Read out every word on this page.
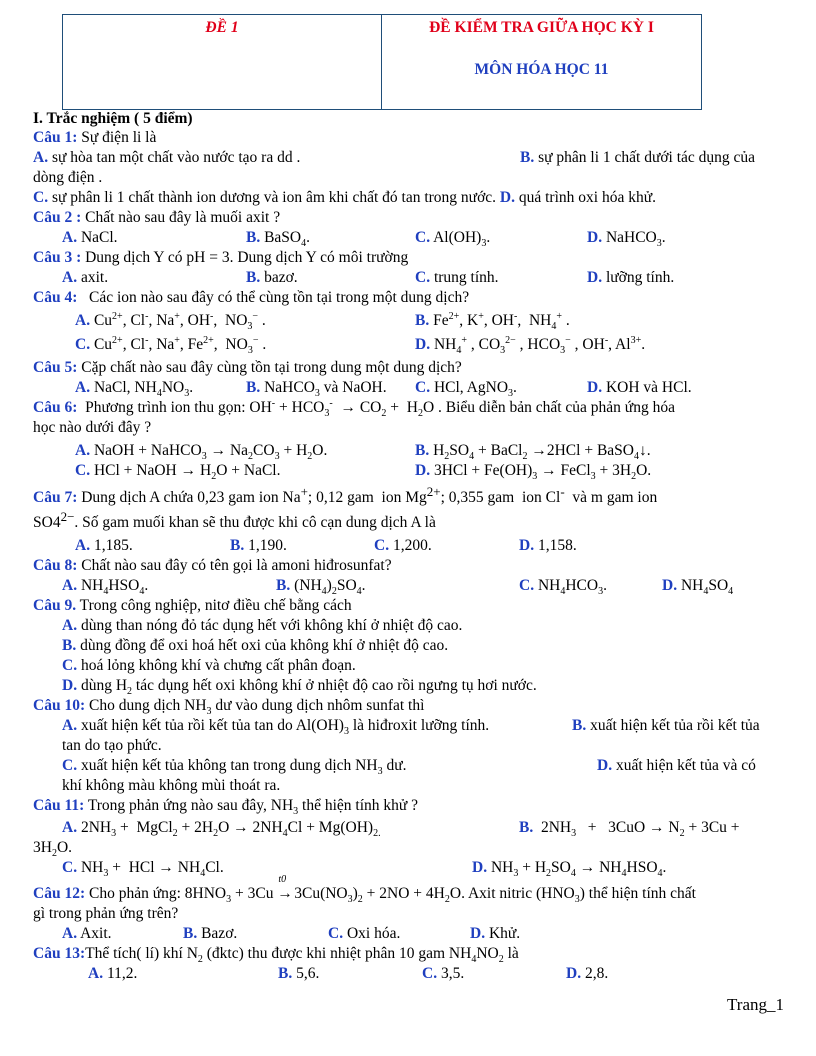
ĐỀ 1	ĐỀ KIỂM TRA GIỮA HỌC KỲ I
MÔN HÓA HỌC 11
I. Trắc nghiệm ( 5 điểm)
Câu 1: Sự điện li là
A. sự hòa tan một chất vào nước tạo ra dd .	B. sự phân li 1 chất dưới tác dụng của
dòng điện .
C. sự phân li 1 chất thành ion dương và ion âm khi chất đó tan trong nước. D. quá trình oxi hóa khử.
Câu 2 : Chất nào sau đây là muối axit ?
A. NaCl.	B. BaSO$_4$.	C. $Al(OH)_3$.	D. NaHCO$_3$.
Câu 3 : Dung dịch Y có pH = 3. Dung dịch Y có môi trường
A. axit.	B. bazơ.	C. trung tính.	D. lưỡng tính.
Câu 4: Các ion nào sau đây có thể cùng tồn tại trong một dung dịch?
A. $Cu^{2+}$, Cl-, Na+, OH-,  $NO_3^-$ .	B. $Fe^{2+}$, K+, OH-,  $NH_4^+$ .
C. $Cu^{2+}$, Cl-, Na+, $Fe^{2+}$,  $NO_3^-$ .	D. $NH_4^+$ , $CO_3^{2-}$ , $HCO_3^-$ , OH-, $Al^{3+}$.
Câu 5: Cặp chất nào sau đây cùng tồn tại trong dung một dung dịch?
A. NaCl, $NH_4NO_3$.	B. NaHCO$_3$ và NaOH. C. HCl, AgNO$_3$.	D. KOH và HCl.
Câu 6:  Phương trình ion thu gọn: $OH^- + HCO_3^- \to CO_2 + H_2O$ . Biểu diễn bản chất của phản ứng hóa
học nào dưới đây ?
A. NaOH + NaHCO$_3$ → $Na_2CO_3 + H_2O$.	B. $H_2SO_4$ + BaCl$_2$ →2HCl + BaSO$_4$↓.
C. HCl + NaOH → $H_2O$ + NaCl.	D. $3HCl + Fe(OH)_3$ → FeCl$_3$ + $3H_2O$.
Câu 7: Dung dịch A chứa 0,23 gam ion Na+; 0,12 gam  ion $Mg^{2+}$; 0,355 gam  ion Cl-  và m gam ion
$SO4^{2-}$. Số gam muối khan sẽ thu được khi cô cạn dung dịch A là
A. 1,185.	B. 1,190.	C. 1,200.	D. 1,158.
Câu 8: Chất nào sau đây có tên gọi là amoni hiđrosunfat?
A. $NH_4HSO_4$.	B. $(NH_4)_2SO_4$.	C. $NH_4HCO_3$.	D. $NH_4SO_4$
Câu 9. Trong công nghiệp, nitơ điều chế bằng cách
A. dùng than nóng đỏ tác dụng hết với không khí ở nhiệt độ cao.
B. dùng đồng để oxi hoá hết oxi của không khí ở nhiệt độ cao.
C. hoá lỏng không khí và chưng cất phân đoạn.
D. dùng $H_2$ tác dụng hết oxi không khí ở nhiệt độ cao rồi ngưng tụ hơi nước.
Câu 10: Cho dung dịch $NH_3$ dư vào dung dịch nhôm sunfat thì
A. xuất hiện kết tủa rồi kết tủa tan do $Al(OH)_3$ là hiđroxit lưỡng tính.	B. xuất hiện kết tủa rồi kết tủa
tan do tạo phức.
C. xuất hiện kết tủa không tan trong dung dịch $NH_3$ dư.	D. xuất hiện kết tủa và có
khí không màu không mùi thoát ra.
Câu 11: Trong phản ứng nào sau đây, $NH_3$ thể hiện tính khử ?
A. $2NH_3$ +  MgCl$_2$ + $2H_2O \to 2NH_4Cl + Mg(OH)_{2.}$	B.  $2NH_3 + 3CuO \to N_2 + 3Cu$ +
$3H_2O$.
C. $NH_3$ +  HCl → $NH_4Cl$.	D. $NH_3 + H_2SO_4 \to NH_4HSO_4$.
Câu 12: Cho phản ứng: $8HNO_3 + 3Cu$
t0
→ $3Cu(NO_3)_2 + 2NO + 4H_2O$. Axit nitric $(HNO_3)$ thể hiện tính chất
gì trong phản ứng trên?
A. Axit.	B. Bazơ.	C. Oxi hóa.	D. Khử.
Câu 13:Thể tích( lí) khí $N_2$ (đktc) thu được khi nhiệt phân 10 gam $NH_4NO_2$ là
A. 11,2.	B. 5,6.	C. 3,5.	D. 2,8.
Trang_1
